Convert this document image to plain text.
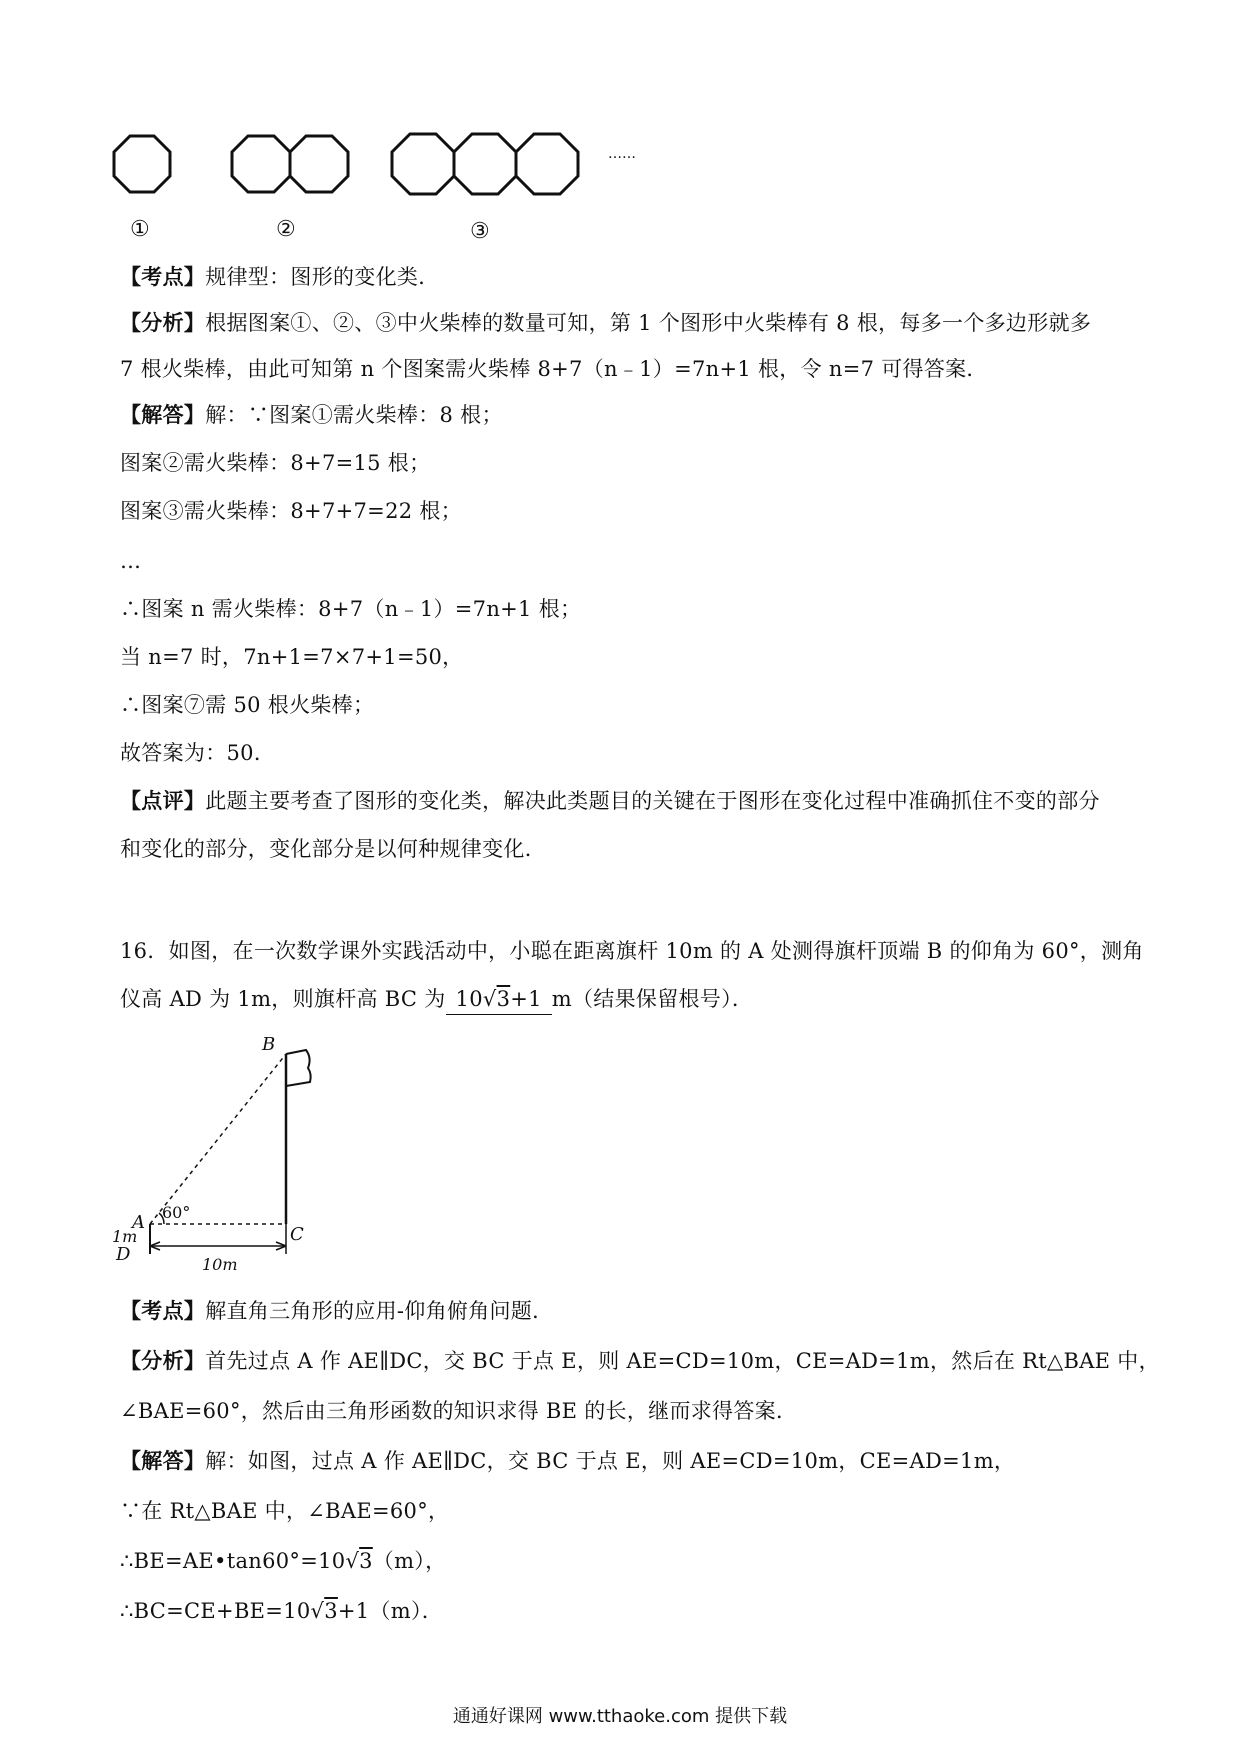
①	②	③
……
【考点】规律型：图形的变化类．
【分析】根据图案①、②、③中火柴棒的数量可知，第 1 个图形中火柴棒有 8 根，每多一个多边形就多
7 根火柴棒，由此可知第 n 个图案需火柴棒 8+7（n﹣1）=7n+1 根，令 n=7 可得答案．
【解答】解：∵图案①需火柴棒：8 根；
图案②需火柴棒：8+7=15 根；
图案③需火柴棒：8+7+7=22 根；
…
∴图案 n 需火柴棒：8+7（n﹣1）=7n+1 根；
当 n=7 时，7n+1=7×7+1=50，
∴图案⑦需 50 根火柴棒；
故答案为：50．
【点评】此题主要考查了图形的变化类，解决此类题目的关键在于图形在变化过程中准确抓住不变的部分
和变化的部分，变化部分是以何种规律变化．
16．如图，在一次数学课外实践活动中，小聪在距离旗杆 10m 的 A 处测得旗杆顶端 B 的仰角为 60°，测角
仪高 AD 为 1m，则旗杆高 BC 为 10√3+1 m（结果保留根号）．
B
A 60°
C
1m
D	10m
【考点】解直角三角形的应用-仰角俯角问题．
【分析】首先过点 A 作 AE∥DC，交 BC 于点 E，则 AE=CD=10m，CE=AD=1m，然后在 Rt△BAE 中，
∠BAE=60°，然后由三角形函数的知识求得 BE 的长，继而求得答案．
【解答】解：如图，过点 A 作 AE∥DC，交 BC 于点 E，则 AE=CD=10m，CE=AD=1m，
∵在 Rt△BAE 中，∠BAE=60°，
∴BE=AE•tan60°=10√3（m），
∴BC=CE+BE=10√3+1（m）．
通通好课网 www.tthaoke.com 提供下载
